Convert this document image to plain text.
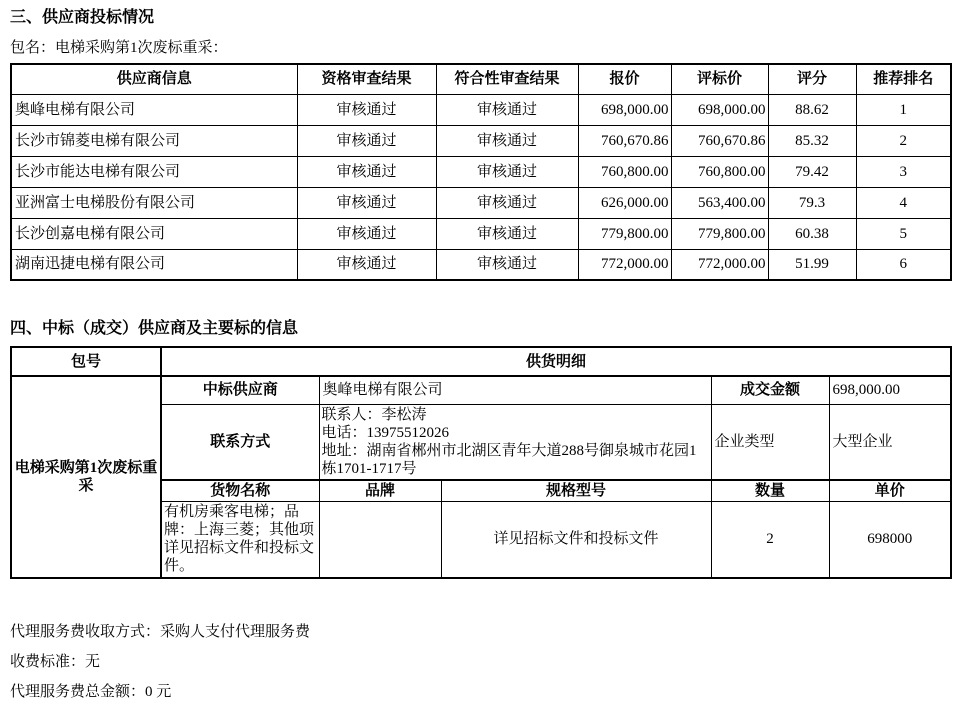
三、供应商投标情况
包名：电梯采购第1次废标重采：
供应商信息	资格审查结果	符合性审查结果	报价	评标价	评分	推荐排名
奥峰电梯有限公司	审核通过	审核通过	698,000.00	698,000.00	88.62	1
长沙市锦菱电梯有限公司	审核通过	审核通过	760,670.86	760,670.86	85.32	2
长沙市能达电梯有限公司	审核通过	审核通过	760,800.00	760,800.00	79.42	3
亚洲富士电梯股份有限公司	审核通过	审核通过	626,000.00	563,400.00	79.3	4
长沙创嘉电梯有限公司	审核通过	审核通过	779,800.00	779,800.00	60.38	5
湖南迅捷电梯有限公司	审核通过	审核通过	772,000.00	772,000.00	51.99	6
四、中标（成交）供应商及主要标的信息
包号	供货明细				
电梯采购第1次废标重采	中标供应商	奥峰电梯有限公司		成交金额	698,000.00
	联系方式	联系人：李松涛
电话：13975512026
地址：湖南省郴州市北湖区青年大道288号御泉城市花园1栋1701-1717号		企业类型	大型企业
	货物名称	品牌	规格型号	数量	单价
	有机房乘客电梯；品牌：上海三菱；其他项详见招标文件和投标文件。		详见招标文件和投标文件	2	698000
代理服务费收取方式：采购人支付代理服务费
收费标准：无
代理服务费总金额：0 元
